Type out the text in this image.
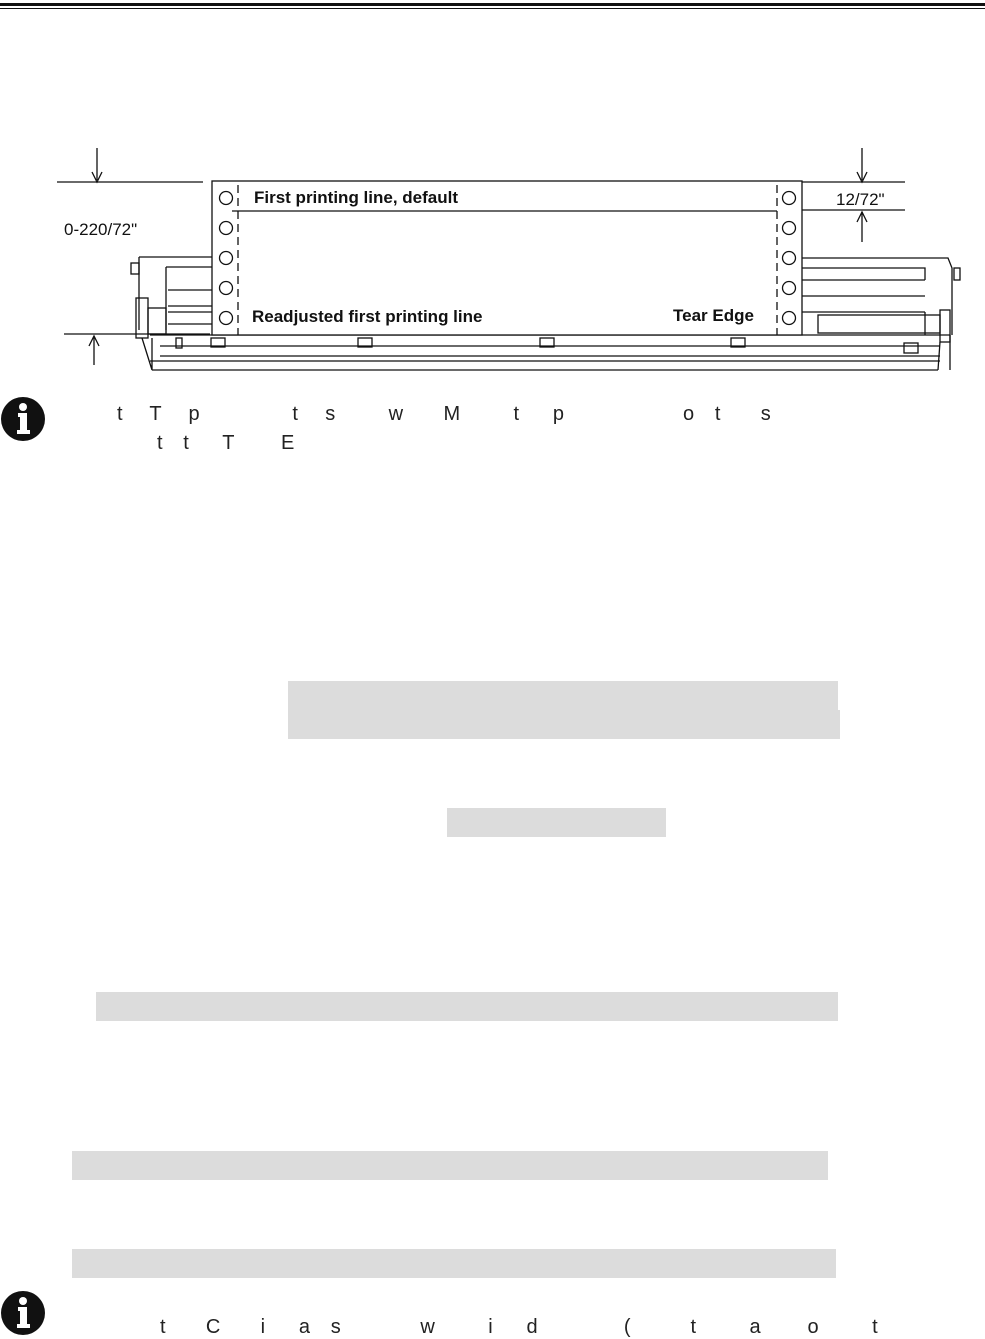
0-220/72"
12/72"
First printing line, default
Readjusted first printing line	Tear Edge

t    T    p              t    s        w      M        t     p                  o   t      s

t   t     T       E

t      C      i     a   s            w        i     d             (         t        a       o        t
